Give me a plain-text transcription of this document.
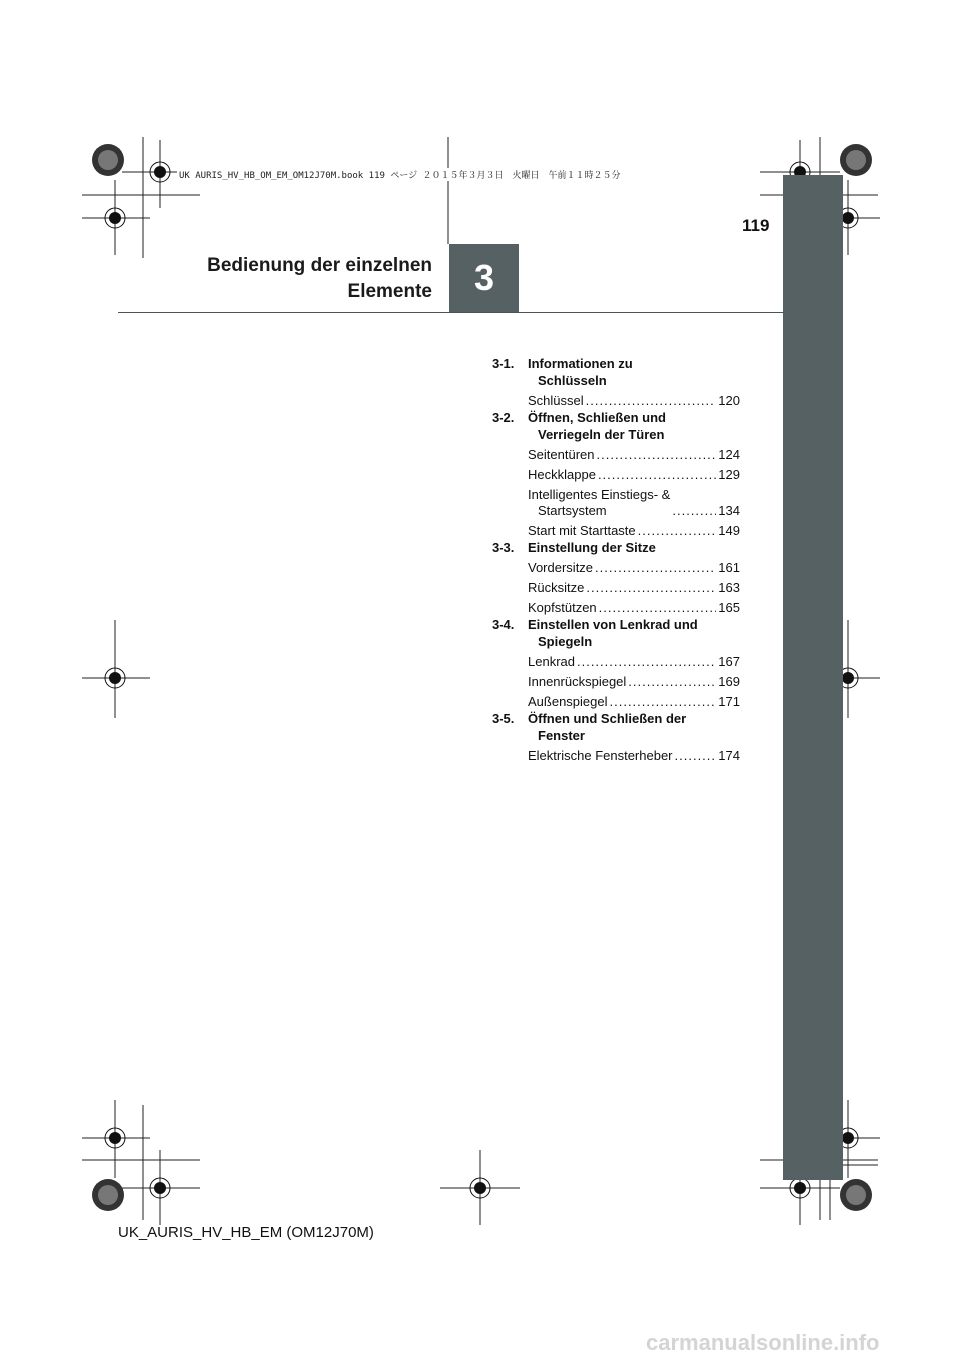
UK AURIS_HV_HB_OM_EM_OM12J70M.book 119 ページ ２０１５年３月３日　火曜日　午前１１時２５分
119
Bedienung der einzelnen
Elemente 3
3-1.	Informationen zu
Schlüsseln
Schlüssel .....	120
3-2.	Öffnen, Schließen und
Verriegeln der Türen
Seitentüren .....	124
Heckklappe .....	129
Intelligentes Einstiegs- &
Startsystem .....	134
Start mit Starttaste .....	149
3-3.	Einstellung der Sitze
Vordersitze .....	161
Rücksitze .....	163
Kopfstützen .....	165
3-4.	Einstellen von Lenkrad und
Spiegeln
Lenkrad .....	167
Innenrückspiegel .....	169
Außenspiegel .....	171
3-5.	Öffnen und Schließen der
Fenster
Elektrische Fensterheber .....	174
UK_AURIS_HV_HB_EM (OM12J70M)
carmanualsonline.info
